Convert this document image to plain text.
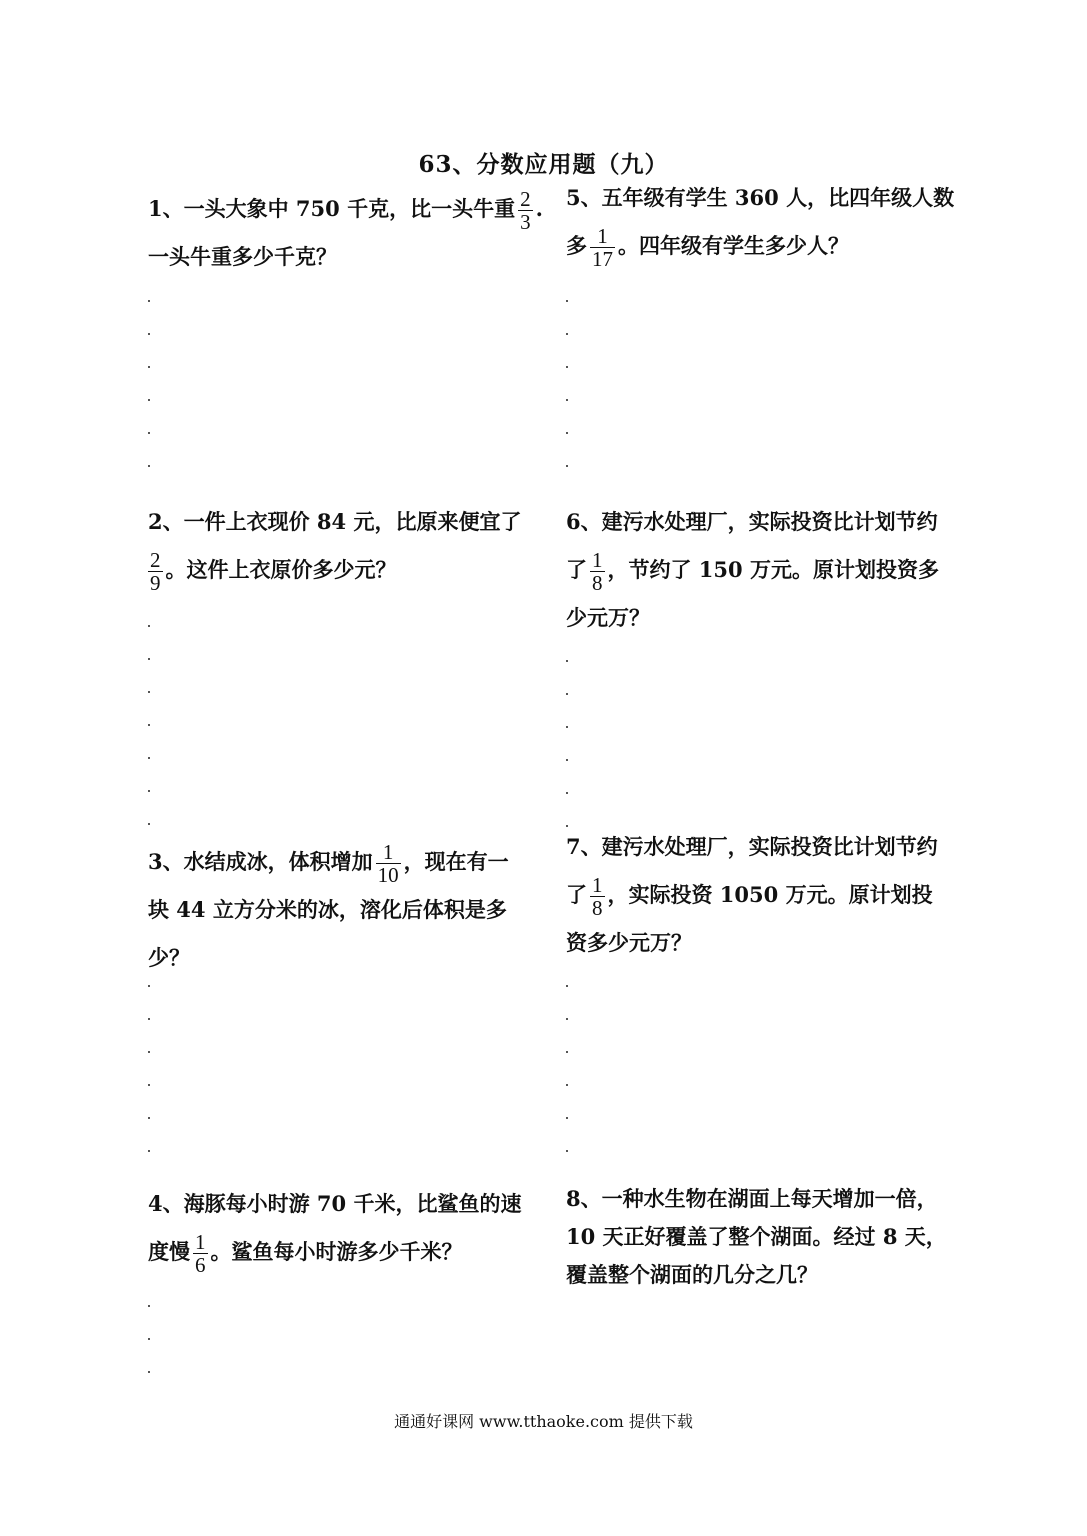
63、分数应用题（九）
1、一头大象中 750 千克，比一头牛重 $\frac{2}{3}$ .
一头牛重多少千克？
2、一件上衣现价 84 元，比原来便宜了
$\frac{2}{9}$ 。这件上衣原价多少元？
3、水结成冰，体积增加 $\frac{1}{10}$ ，现在有一
块 44 立方分米的冰，溶化后体积是多
少？
4、海豚每小时游 70 千米，比鲨鱼的速
度慢 $\frac{1}{6}$ 。鲨鱼每小时游多少千米？
5、五年级有学生 360 人，比四年级人数
多 $\frac{1}{17}$ 。四年级有学生多少人？
6、建污水处理厂，实际投资比计划节约
了 $\frac{1}{8}$ ，节约了 150 万元。原计划投资多
少元万？
7、建污水处理厂，实际投资比计划节约
了 $\frac{1}{8}$ ，实际投资 1050 万元。原计划投
资多少元万？
8、一种水生物在湖面上每天增加一倍，
10 天正好覆盖了整个湖面。经过 8 天，
覆盖整个湖面的几分之几？
通通好课网 www.tthaoke.com 提供下载
